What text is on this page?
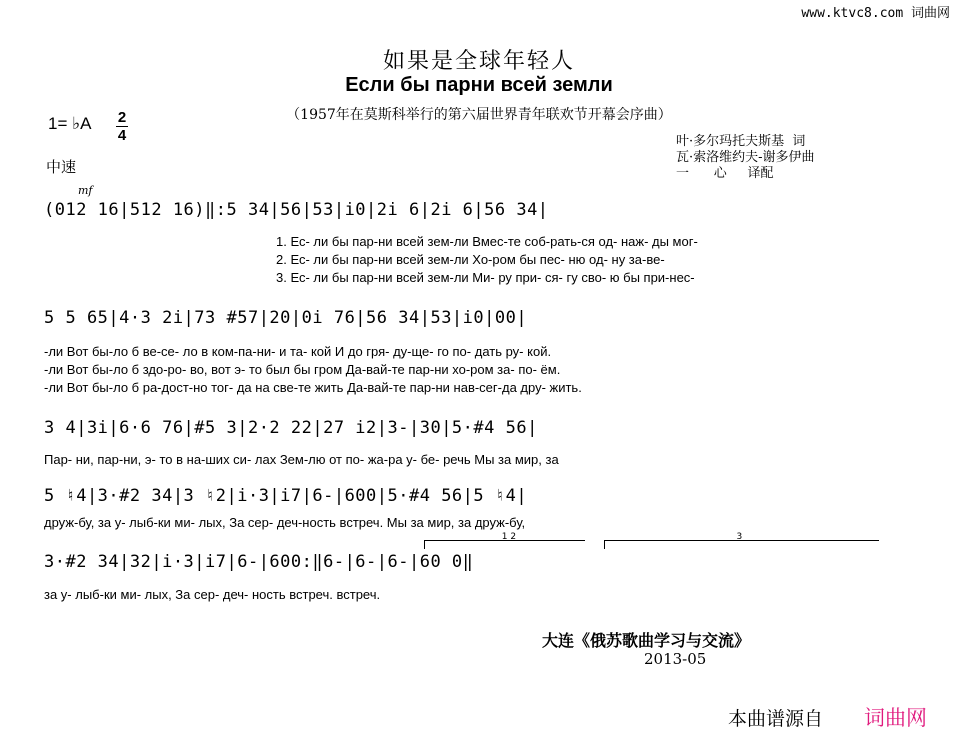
www.ktvc8.com 词曲网
如果是全球年轻人
Если бы парни всей земли
（1957年在莫斯科举行的第六届世界青年联欢节开幕会序曲）
1= ♭A 2
4
中速
叶·多尔玛托夫斯基  词
瓦·索洛维约夫-谢多伊曲
一      心     译配
mf
(012 16|512 16)‖:5 34|56|53|i0|2i 6|2i 6|56 34|
1. Ес- ли бы пар-ни всей зем-ли Вмес-те соб-рать-ся од- наж- ды мог-
2. Ес- ли бы пар-ни всей зем-ли Хо-ром бы пес- ню од- ну за-ве-
3. Ес- ли бы пар-ни всей зем-ли Ми- ру при- ся- гу сво- ю бы при-нес-
5 5 65|4·3 2i|73 #57|20|0i 76|56 34|53|i0|00|
-ли Вот бы-ло б ве-се- ло в ком-па-ни- и та- кой И до гря- ду-ще- го по- дать ру- кой.
-ли Вот бы-ло б здо-ро- во, вот э- то был бы гром Да-вай-те пар-ни хо-ром за- по- ём.
-ли Вот бы-ло б ра-дост-но тог- да на све-те жить Да-вай-те пар-ни нав-сег-да дру- жить.
3 4|3i|6·6 76|#5 3|2·2 22|27 i2|3-|30|5·#4 56|
Пар- ни, пар-ни, э- то в на-ших си- лах Зем-лю от по- жа-ра у- бе- речь Мы за мир, за
5 ♮4|3·#2 34|3 ♮2|i·3|i7|6-|600|5·#4 56|5 ♮4|
друж-бу, за у- лыб-ки ми- лых, За сер- деч-ность встреч. Мы за мир, за друж-бу,
1 2	3
3·#2 34|32|i·3|i7|6-|600:‖6-|6-|6-|60 0‖
за у- лыб-ки ми- лых, За сер- деч- ность встреч. встреч.
大连《俄苏歌曲学习与交流》
2013-05
本曲谱源自 词曲网
